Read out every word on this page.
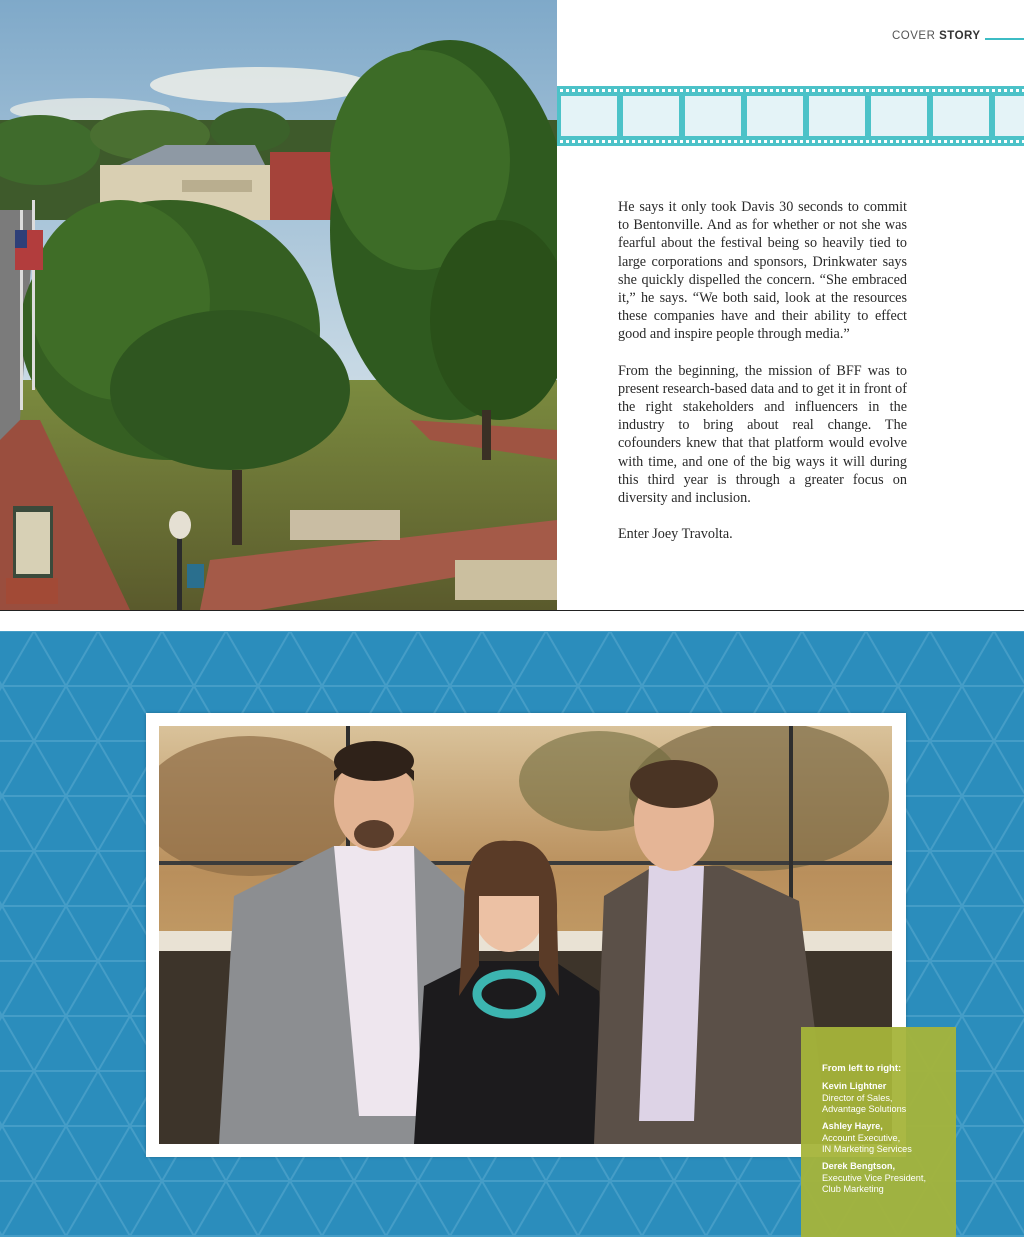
COVER STORY

He says it only took Davis 30 seconds to commit to Bentonville. And as for whether or not she was fearful about the festival being so heavily tied to large corporations and sponsors, Drinkwater says she quickly dispelled the concern. “She embraced it,” he says. “We both said, look at the resources these companies have and their ability to effect good and inspire people through media.”

From the beginning, the mission of BFF was to present research-based data and to get it in front of the right stakeholders and influencers in the industry to bring about real change. The cofounders knew that that platform would evolve with time, and one of the big ways it will during this third year is through a greater focus on diversity and inclusion.

Enter Joey Travolta.

From left to right:
Kevin Lightner
Director of Sales,
Advantage Solutions
Ashley Hayre,
Account Executive,
IN Marketing Services
Derek Bengtson,
Executive Vice President,
Club Marketing
